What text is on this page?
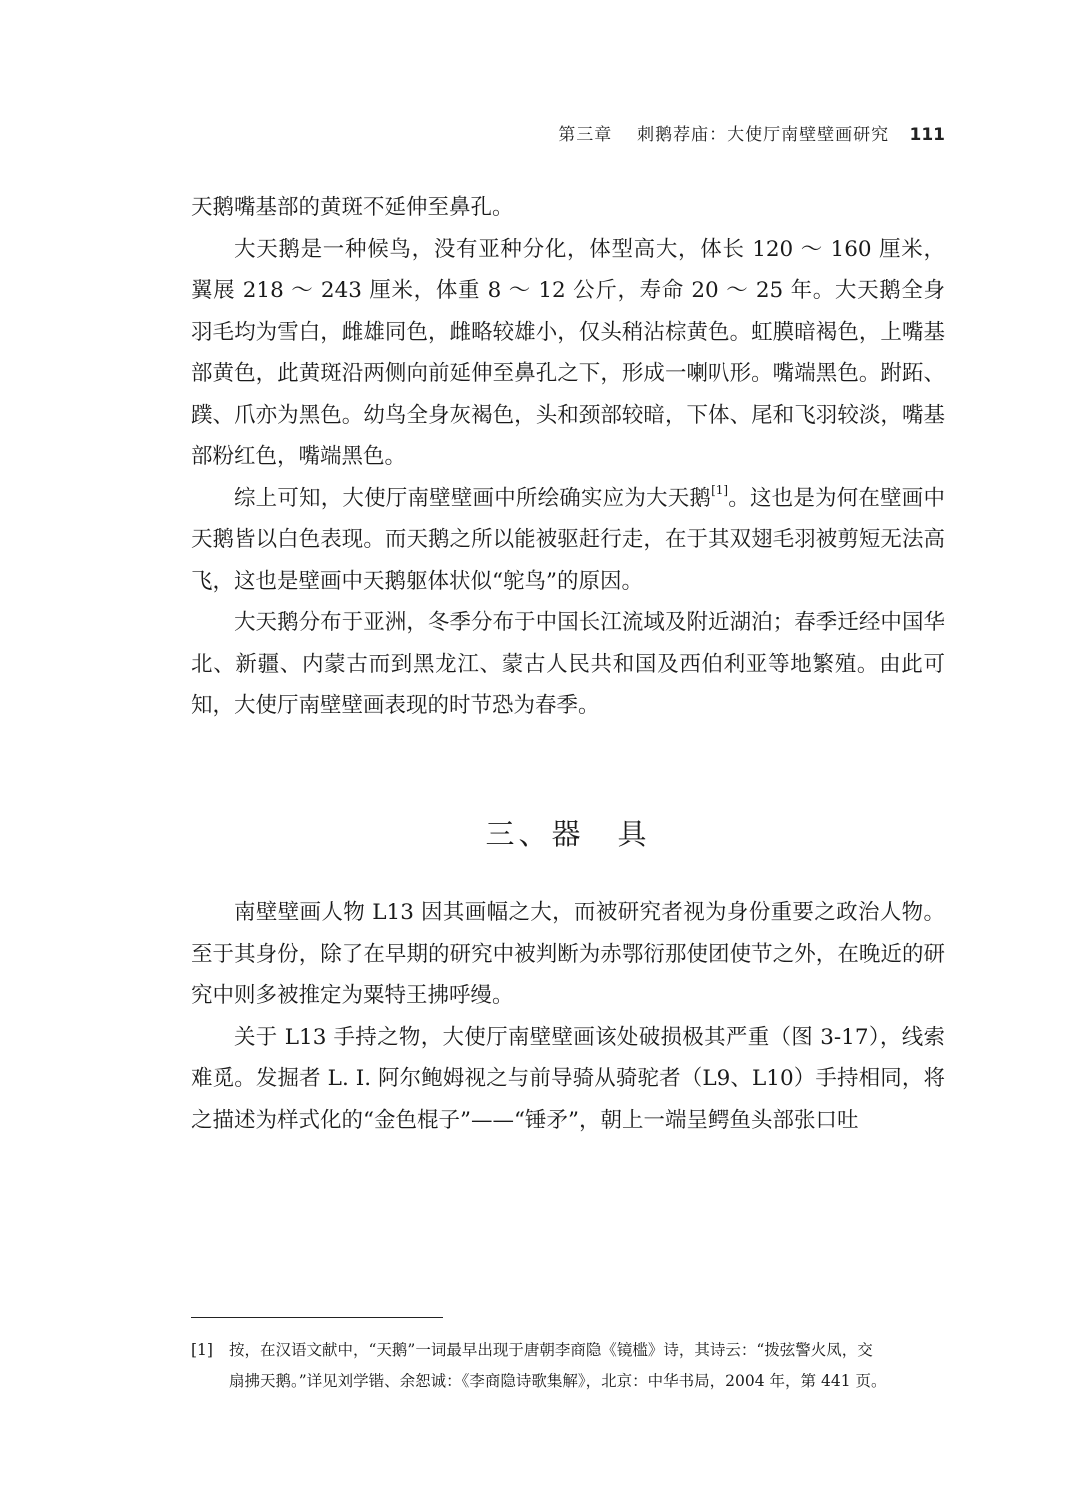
第三章 刺鹅荐庙：大使厅南壁壁画研究 111

天鹅嘴基部的黄斑不延伸至鼻孔。

大天鹅是一种候鸟，没有亚种分化，体型高大，体长 120 ～ 160 厘米，翼展 218 ～ 243 厘米，体重 8 ～ 12 公斤，寿命 20 ～ 25 年。大天鹅全身羽毛均为雪白，雌雄同色，雌略较雄小，仅头稍沾棕黄色。虹膜暗褐色，上嘴基部黄色，此黄斑沿两侧向前延伸至鼻孔之下，形成一喇叭形。嘴端黑色。跗跖、蹼、爪亦为黑色。幼鸟全身灰褐色，头和颈部较暗，下体、尾和飞羽较淡，嘴基部粉红色，嘴端黑色。

综上可知，大使厅南壁壁画中所绘确实应为大天鹅[1]。这也是为何在壁画中天鹅皆以白色表现。而天鹅之所以能被驱赶行走，在于其双翅毛羽被剪短无法高飞，这也是壁画中天鹅躯体状似“鸵鸟”的原因。

大天鹅分布于亚洲，冬季分布于中国长江流域及附近湖泊；春季迁经中国华北、新疆、内蒙古而到黑龙江、蒙古人民共和国及西伯利亚等地繁殖。由此可知，大使厅南壁壁画表现的时节恐为春季。

三、器　具

南壁壁画人物 L13 因其画幅之大，而被研究者视为身份重要之政治人物。至于其身份，除了在早期的研究中被判断为赤鄂衍那使团使节之外，在晚近的研究中则多被推定为粟特王拂呼缦。

关于 L13 手持之物，大使厅南壁壁画该处破损极其严重（图 3-17），线索难觅。发掘者 L. I. 阿尔鲍姆视之与前导骑从骑驼者（L9、L10）手持相同，将之描述为样式化的“金色棍子”——“锤矛”，朝上一端呈鳄鱼头部张口吐

[1] 按，在汉语文献中，“天鹅”一词最早出现于唐朝李商隐《镜槛》诗，其诗云：“拨弦警火凤，交
扇拂天鹅。”详见刘学锴、余恕诚：《李商隐诗歌集解》，北京：中华书局，2004 年，第 441 页。
